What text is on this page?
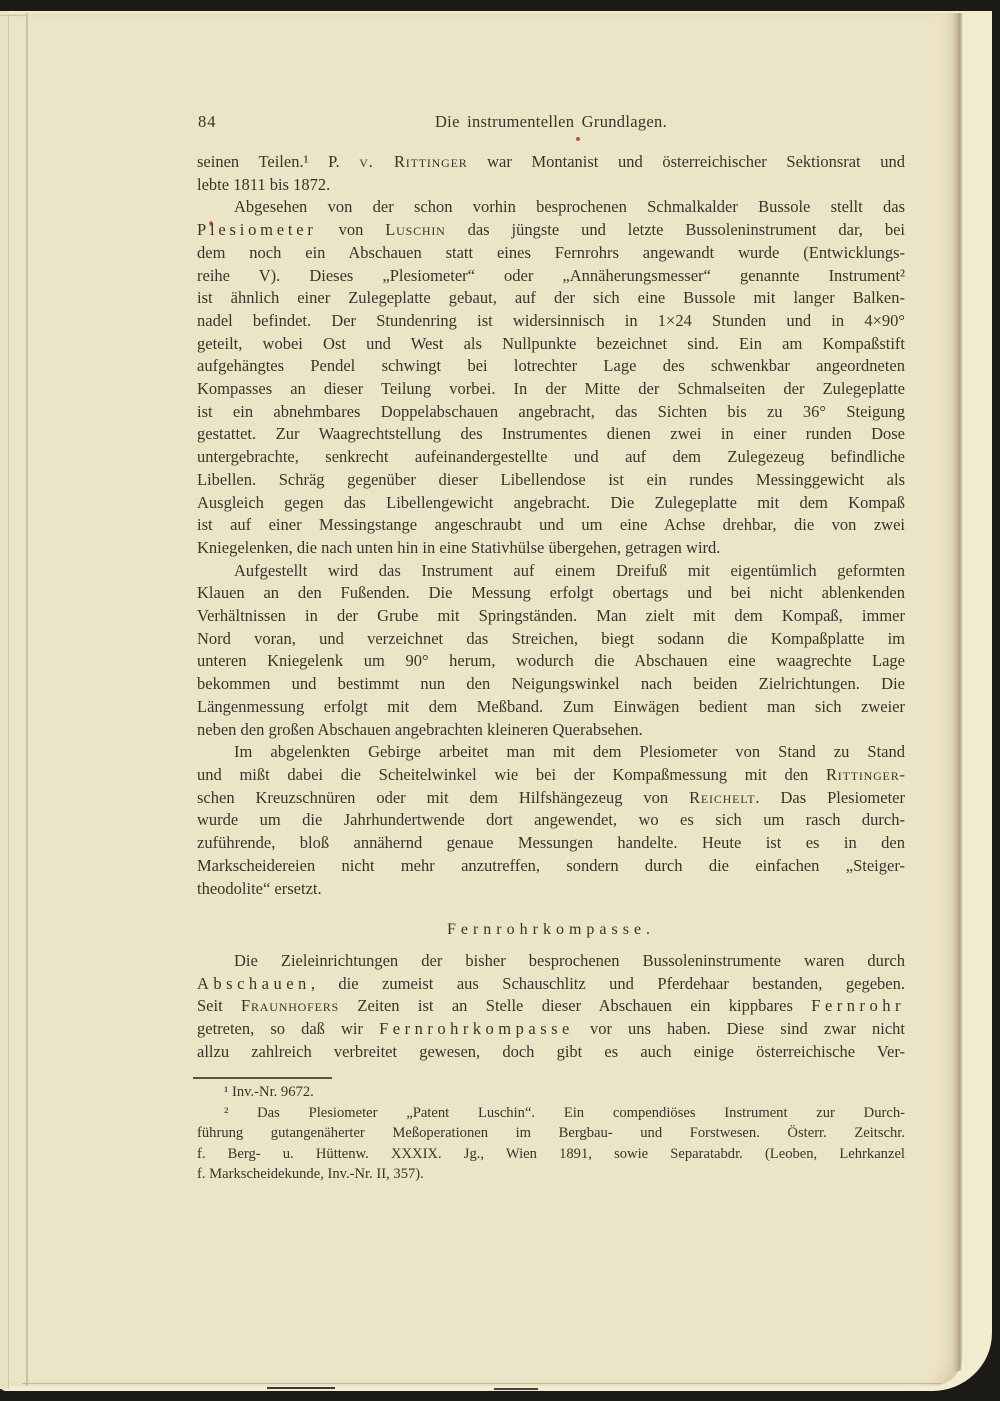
84	Die instrumentellen Grundlagen.
seinen Teilen.¹ P. v. Rittinger war Montanist und österreichischer Sektionsrat und
lebte 1811 bis 1872.
Abgesehen von der schon vorhin besprochenen Schmalkalder Bussole stellt das
Plesiometer von Luschin das jüngste und letzte Bussoleninstrument dar, bei
dem noch ein Abschauen statt eines Fernrohrs angewandt wurde (Entwicklungs-
reihe V). Dieses „Plesiometer“ oder „Annäherungsmesser“ genannte Instrument²
ist ähnlich einer Zulegeplatte gebaut, auf der sich eine Bussole mit langer Balken-
nadel befindet. Der Stundenring ist widersinnisch in 1×24 Stunden und in 4×90°
geteilt, wobei Ost und West als Nullpunkte bezeichnet sind. Ein am Kompaßstift
aufgehängtes Pendel schwingt bei lotrechter Lage des schwenkbar angeordneten
Kompasses an dieser Teilung vorbei. In der Mitte der Schmalseiten der Zulegeplatte
ist ein abnehmbares Doppelabschauen angebracht, das Sichten bis zu 36° Steigung
gestattet. Zur Waagrechtstellung des Instrumentes dienen zwei in einer runden Dose
untergebrachte, senkrecht aufeinandergestellte und auf dem Zulegezeug befindliche
Libellen. Schräg gegenüber dieser Libellendose ist ein rundes Messinggewicht als
Ausgleich gegen das Libellengewicht angebracht. Die Zulegeplatte mit dem Kompaß
ist auf einer Messingstange angeschraubt und um eine Achse drehbar, die von zwei
Kniegelenken, die nach unten hin in eine Stativhülse übergehen, getragen wird.
Aufgestellt wird das Instrument auf einem Dreifuß mit eigentümlich geformten
Klauen an den Fußenden. Die Messung erfolgt obertags und bei nicht ablenkenden
Verhältnissen in der Grube mit Springständen. Man zielt mit dem Kompaß, immer
Nord voran, und verzeichnet das Streichen, biegt sodann die Kompaßplatte im
unteren Kniegelenk um 90° herum, wodurch die Abschauen eine waagrechte Lage
bekommen und bestimmt nun den Neigungswinkel nach beiden Zielrichtungen. Die
Längenmessung erfolgt mit dem Meßband. Zum Einwägen bedient man sich zweier
neben den großen Abschauen angebrachten kleineren Querabsehen.
Im abgelenkten Gebirge arbeitet man mit dem Plesiometer von Stand zu Stand
und mißt dabei die Scheitelwinkel wie bei der Kompaßmessung mit den Rittinger-
schen Kreuzschnüren oder mit dem Hilfshängezeug von Reichelt. Das Plesiometer
wurde um die Jahrhundertwende dort angewendet, wo es sich um rasch durch-
zuführende, bloß annähernd genaue Messungen handelte. Heute ist es in den
Markscheidereien nicht mehr anzutreffen, sondern durch die einfachen „Steiger-
theodolite“ ersetzt.
Fernrohrkompasse.
Die Zieleinrichtungen der bisher besprochenen Bussoleninstrumente waren durch
Abschauen, die zumeist aus Schauschlitz und Pferdehaar bestanden, gegeben.
Seit Fraunhofers Zeiten ist an Stelle dieser Abschauen ein kippbares Fernrohr
getreten, so daß wir Fernrohrkompasse vor uns haben. Diese sind zwar nicht
allzu zahlreich verbreitet gewesen, doch gibt es auch einige österreichische Ver-
¹ Inv.-Nr. 9672.
² Das Plesiometer „Patent Luschin“. Ein compendiöses Instrument zur Durch-
führung gutangenäherter Meßoperationen im Bergbau- und Forstwesen. Österr. Zeitschr.
f. Berg- u. Hüttenw. XXXIX. Jg., Wien 1891, sowie Separatabdr. (Leoben, Lehrkanzel
f. Markscheidekunde, Inv.-Nr. II, 357).
